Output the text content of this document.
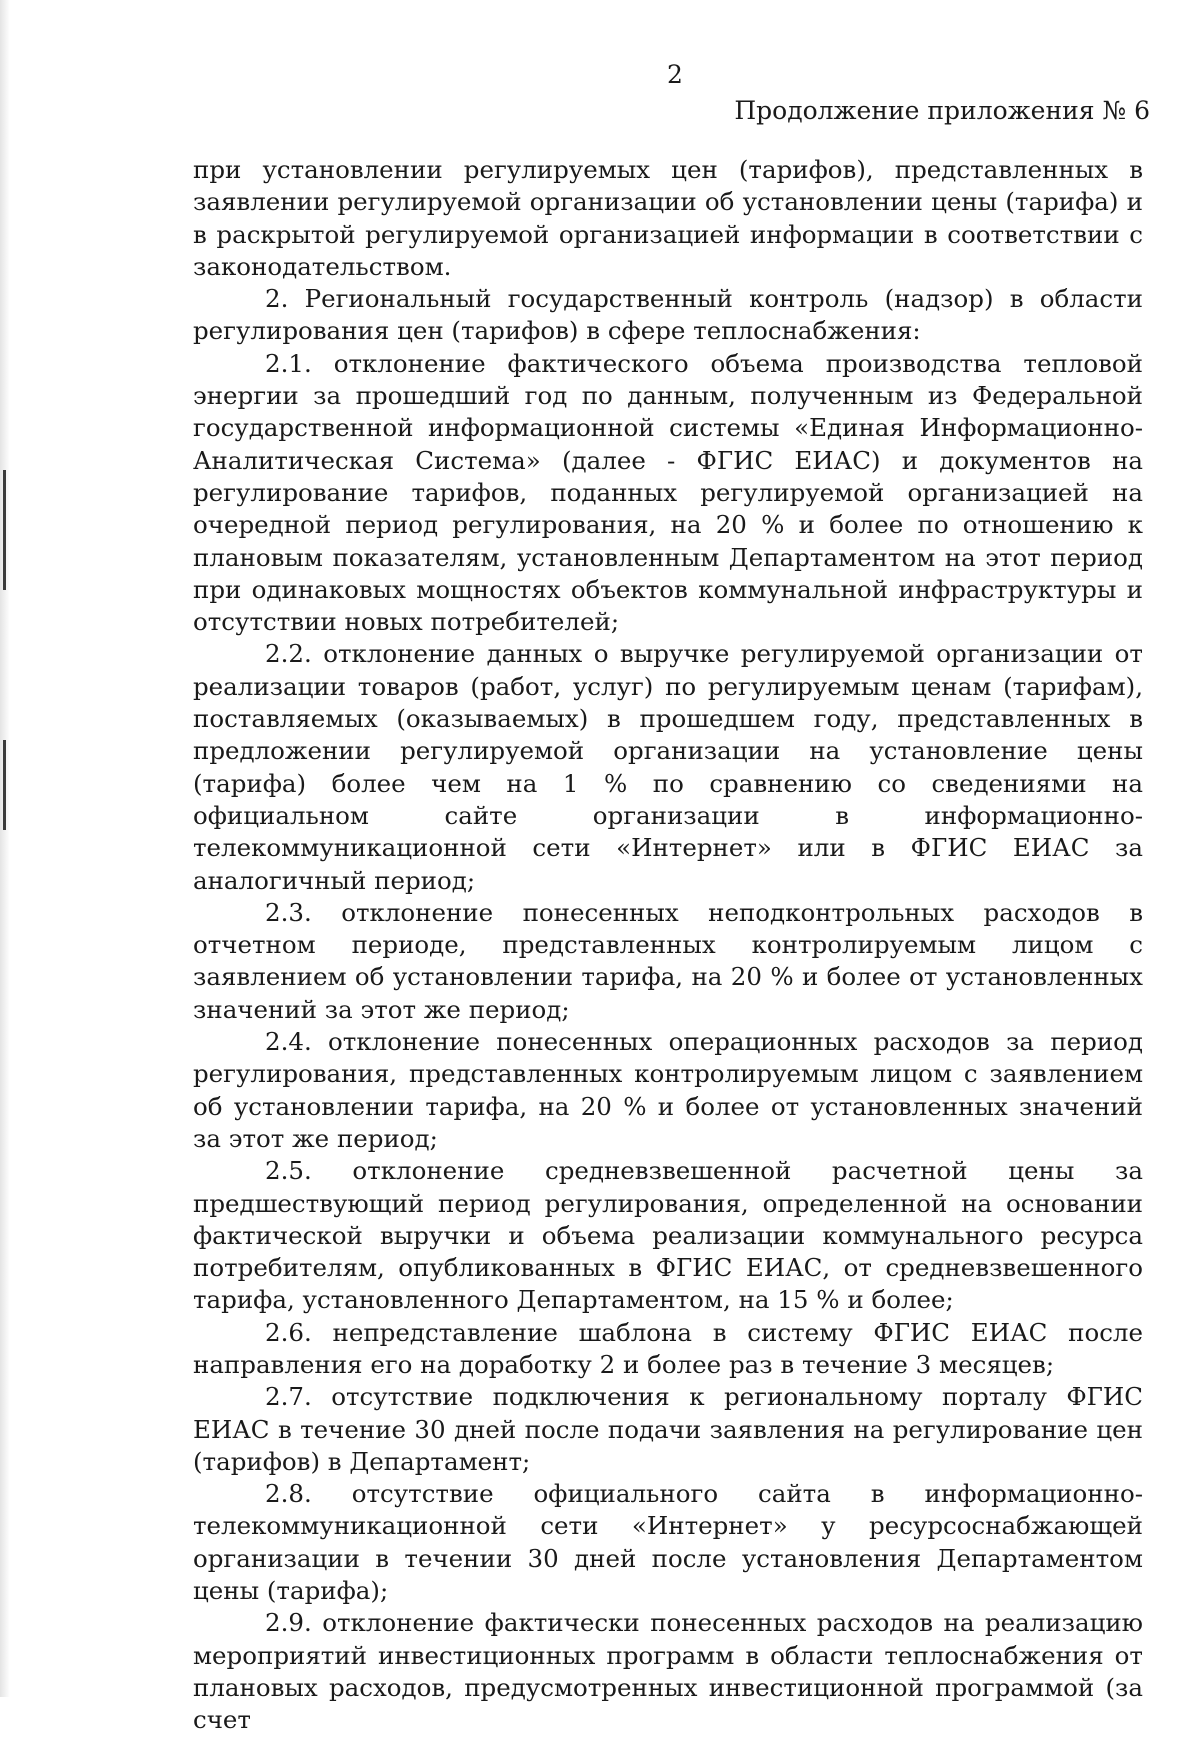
2
Продолжение приложения № 6

при установлении регулируемых цен (тарифов), представленных в заявлении регулируемой организации об установлении цены (тарифа) и в раскрытой регулируемой организацией информации в соответствии с законодательством.

2. Региональный государственный контроль (надзор) в области регулирования цен (тарифов) в сфере теплоснабжения:

2.1. отклонение фактического объема производства тепловой энергии за прошедший год по данным, полученным из Федеральной государственной информационной системы «Единая Информационно-Аналитическая Система» (далее - ФГИС ЕИАС) и документов на регулирование тарифов, поданных регулируемой организацией на очередной период регулирования, на 20 % и более по отношению к плановым показателям, установленным Департаментом на этот период при одинаковых мощностях объектов коммунальной инфраструктуры и отсутствии новых потребителей;

2.2. отклонение данных о выручке регулируемой организации от реализации товаров (работ, услуг) по регулируемым ценам (тарифам), поставляемых (оказываемых) в прошедшем году, представленных в предложении регулируемой организации на установление цены (тарифа) более чем на 1 % по сравнению со сведениями на официальном сайте организации в информационно-телекоммуникационной сети «Интернет» или в ФГИС ЕИАС за аналогичный период;

2.3. отклонение понесенных неподконтрольных расходов в отчетном периоде, представленных контролируемым лицом с заявлением об установлении тарифа, на 20 % и более от установленных значений за этот же период;

2.4. отклонение понесенных операционных расходов за период регулирования, представленных контролируемым лицом с заявлением об установлении тарифа, на 20 % и более от установленных значений за этот же период;

2.5. отклонение средневзвешенной расчетной цены за предшествующий период регулирования, определенной на основании фактической выручки и объема реализации коммунального ресурса потребителям, опубликованных в ФГИС ЕИАС, от средневзвешенного тарифа, установленного Департаментом, на 15 % и более;

2.6. непредставление шаблона в систему ФГИС ЕИАС после направления его на доработку 2 и более раз в течение 3 месяцев;

2.7. отсутствие подключения к региональному порталу ФГИС ЕИАС в течение 30 дней после подачи заявления на регулирование цен (тарифов) в Департамент;

2.8. отсутствие официального сайта в информационно-телекоммуникационной сети «Интернет» у ресурсоснабжающей организации в течении 30 дней после установления Департаментом цены (тарифа);

2.9. отклонение фактически понесенных расходов на реализацию мероприятий инвестиционных программ в области теплоснабжения от плановых расходов, предусмотренных инвестиционной программой (за счет
